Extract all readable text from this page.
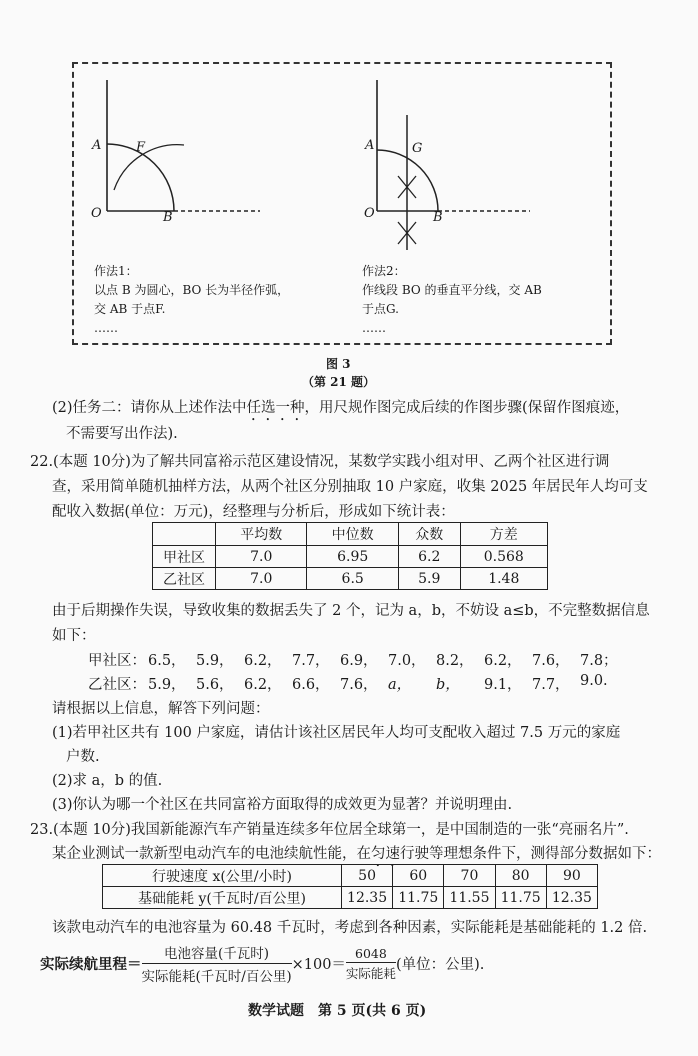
A	F
O	B
作法1：
以点 B 为圆心，BO 长为半径作弧，
交 AB 于点F.
……
A	G
O	B
作法2：
作线段 BO 的垂直平分线，交 AB
于点G.
……
图 3
（第 21 题）
(2)任务二：请你从上述作法中任选一种，用尺规作图完成后续的作图步骤(保留作图痕迹，
不需要写出作法).
22.(本题 10分)为了解共同富裕示范区建设情况，某数学实践小组对甲、乙两个社区进行调
查，采用简单随机抽样方法，从两个社区分别抽取 10 户家庭，收集 2025 年居民年人均可支
配收入数据(单位：万元)，经整理与分析后，形成如下统计表：
	平均数	中位数	众数	方差
甲社区	7.0	6.95	6.2	0.568
乙社区	7.0	6.5	5.9	1.48
由于后期操作失误，导致收集的数据丢失了 2 个，记为 a，b，不妨设 a≤b，不完整数据信息
如下：
甲社区： 6.5， 5.9， 6.2， 7.7， 6.9， 7.0， 8.2， 6.2， 7.6， 7.8；
乙社区： 5.9， 5.6， 6.2， 6.6， 7.6， a，	b，	9.1， 7.7， 9.0.
请根据以上信息，解答下列问题：
(1)若甲社区共有 100 户家庭，请估计该社区居民年人均可支配收入超过 7.5 万元的家庭
户数.
(2)求 a，b 的值.
(3)你认为哪一个社区在共同富裕方面取得的成效更为显著？并说明理由.
23.(本题 10分)我国新能源汽车产销量连续多年位居全球第一，是中国制造的一张“亮丽名片”.
某企业测试一款新型电动汽车的电池续航性能，在匀速行驶等理想条件下，测得部分数据如下：
行驶速度 x(公里/小时)	50	60	70	80	90
基础能耗 y(千瓦时/百公里)	12.35	11.75	11.55	11.75	12.35
该款电动汽车的电池容量为 60.48 千瓦时，考虑到各种因素，实际能耗是基础能耗的 1.2 倍.
实际续航里程＝ $\frac{\text{电池容量(千瓦时)}}{\text{实际能耗(千瓦时/百公里)}} \times 100= \frac{6048}{\text{实际能耗}}$ (单位：公里).
数学试题　第 5 页(共 6 页)
